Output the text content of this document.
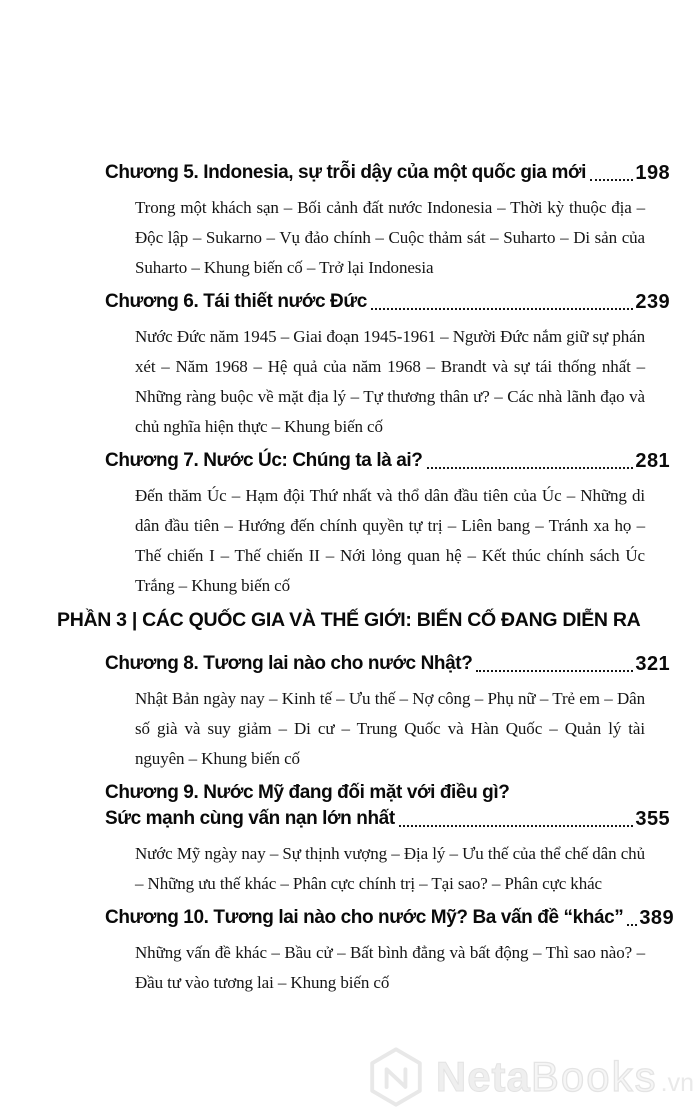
Chương 5. Indonesia, sự trỗi dậy của một quốc gia mới 198
Trong một khách sạn – Bối cảnh đất nước Indonesia – Thời kỳ thuộc địa – Độc lập – Sukarno – Vụ đảo chính – Cuộc thảm sát – Suharto – Di sản của Suharto – Khung biến cố – Trở lại Indonesia
Chương 6. Tái thiết nước Đức	239
Nước Đức năm 1945 – Giai đoạn 1945-1961 – Người Đức nắm giữ sự phán xét – Năm 1968 – Hệ quả của năm 1968 – Brandt và sự tái thống nhất – Những ràng buộc về mặt địa lý – Tự thương thân ư? – Các nhà lãnh đạo và chủ nghĩa hiện thực – Khung biến cố
Chương 7. Nước Úc: Chúng ta là ai?	281
Đến thăm Úc – Hạm đội Thứ nhất và thổ dân đầu tiên của Úc – Những di dân đầu tiên – Hướng đến chính quyền tự trị – Liên bang – Tránh xa họ – Thế chiến I – Thế chiến II – Nới lỏng quan hệ – Kết thúc chính sách Úc Trắng – Khung biến cố
PHẦN 3 | CÁC QUỐC GIA VÀ THẾ GIỚI: BIẾN CỐ ĐANG DIỄN RA
Chương 8. Tương lai nào cho nước Nhật?	321
Nhật Bản ngày nay – Kinh tế – Ưu thế – Nợ công – Phụ nữ – Trẻ em – Dân số già và suy giảm – Di cư – Trung Quốc và Hàn Quốc – Quản lý tài nguyên – Khung biến cố
Chương 9. Nước Mỹ đang đối mặt với điều gì?
Sức mạnh cùng vấn nạn lớn nhất	355
Nước Mỹ ngày nay – Sự thịnh vượng – Địa lý – Ưu thế của thể chế dân chủ – Những ưu thế khác – Phân cực chính trị – Tại sao? – Phân cực khác
Chương 10. Tương lai nào cho nước Mỹ? Ba vấn đề “khác” 389
Những vấn đề khác – Bầu cử – Bất bình đẳng và bất động – Thì sao nào? – Đầu tư vào tương lai – Khung biến cố
Neta Books .vn
